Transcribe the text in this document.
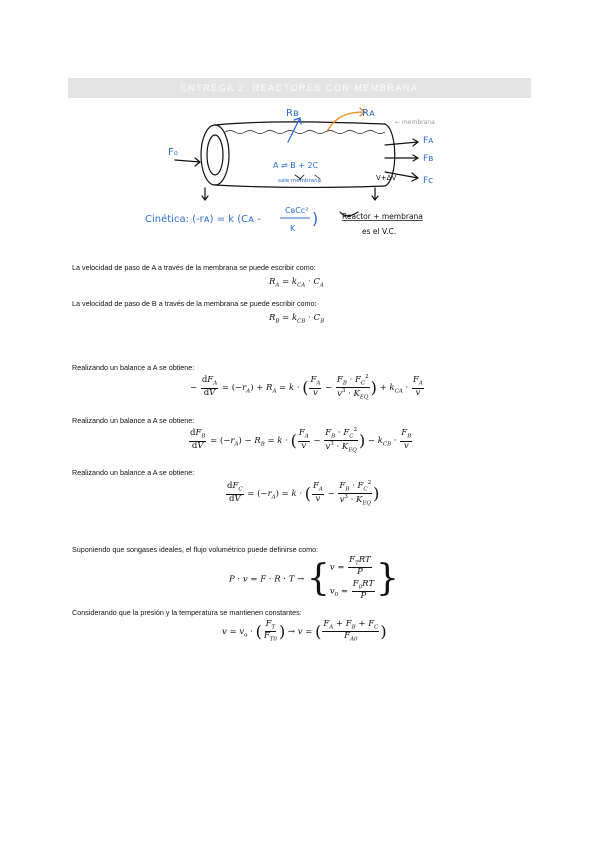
ENTREGA 2: REACTORES CON MEMBRANA
F₀
Rʙ	Rᴀ
← membrana
Fᴀ
Fʙ
Fᴄ
A ⇌ B + 2C
sale membrana	V+ΔV
Cinética: (-rᴀ) = k (Cᴀ -
CʙCᴄ²
K
)	Reactor + membrana
es el V.C.
La velocidad de paso de A a través de la membrana se puede escribir como:
$R_A = k_{CA} \cdot C_A$
La velocidad de paso de B a través de la membrana se puede escribir como:
$R_B = k_{CB} \cdot C_B$
Realizando un balance a A se obtiene:
− $\frac{dF_A}{dV} = (-r_A) + R_A = k$ · ( $\frac{F_A}{v} - \frac{F_B \cdot F_C^2}{v^3 \cdot K_{EQ}}$ ) + $k_{CA} \cdot \frac{F_A}{v}$
Realizando un balance a A se obtiene:
$\frac{dF_B}{dV} = (-r_A) - R_B = k$ · ( $\frac{F_A}{v} - \frac{F_B \cdot F_C^2}{v^3 \cdot K_{EQ}}$ ) − $k_{CB} \cdot \frac{F_B}{v}$
Realizando un balance a A se obtiene:
$\frac{dF_C}{dV} = (-r_A) = k$ · ( $\frac{F_A}{v} - \frac{F_B \cdot F_C^2}{v^3 \cdot K_{EQ}}$ )
Suponiendo que songases ideales, el flujo volumétrico puede definirse como:
P · v = F · R · T → { $v = \frac{F_TRT}{P}$
$v_0 = \frac{F_0RT}{P}$ }
Considerando que la presión y la temperatura se mantienen constantes:
$v = v_o$ · ( $\frac{F_T}{F_{T0}}$ ) → v = ( $\frac{F_A + F_B + F_C}{F_{A0}}$ )
